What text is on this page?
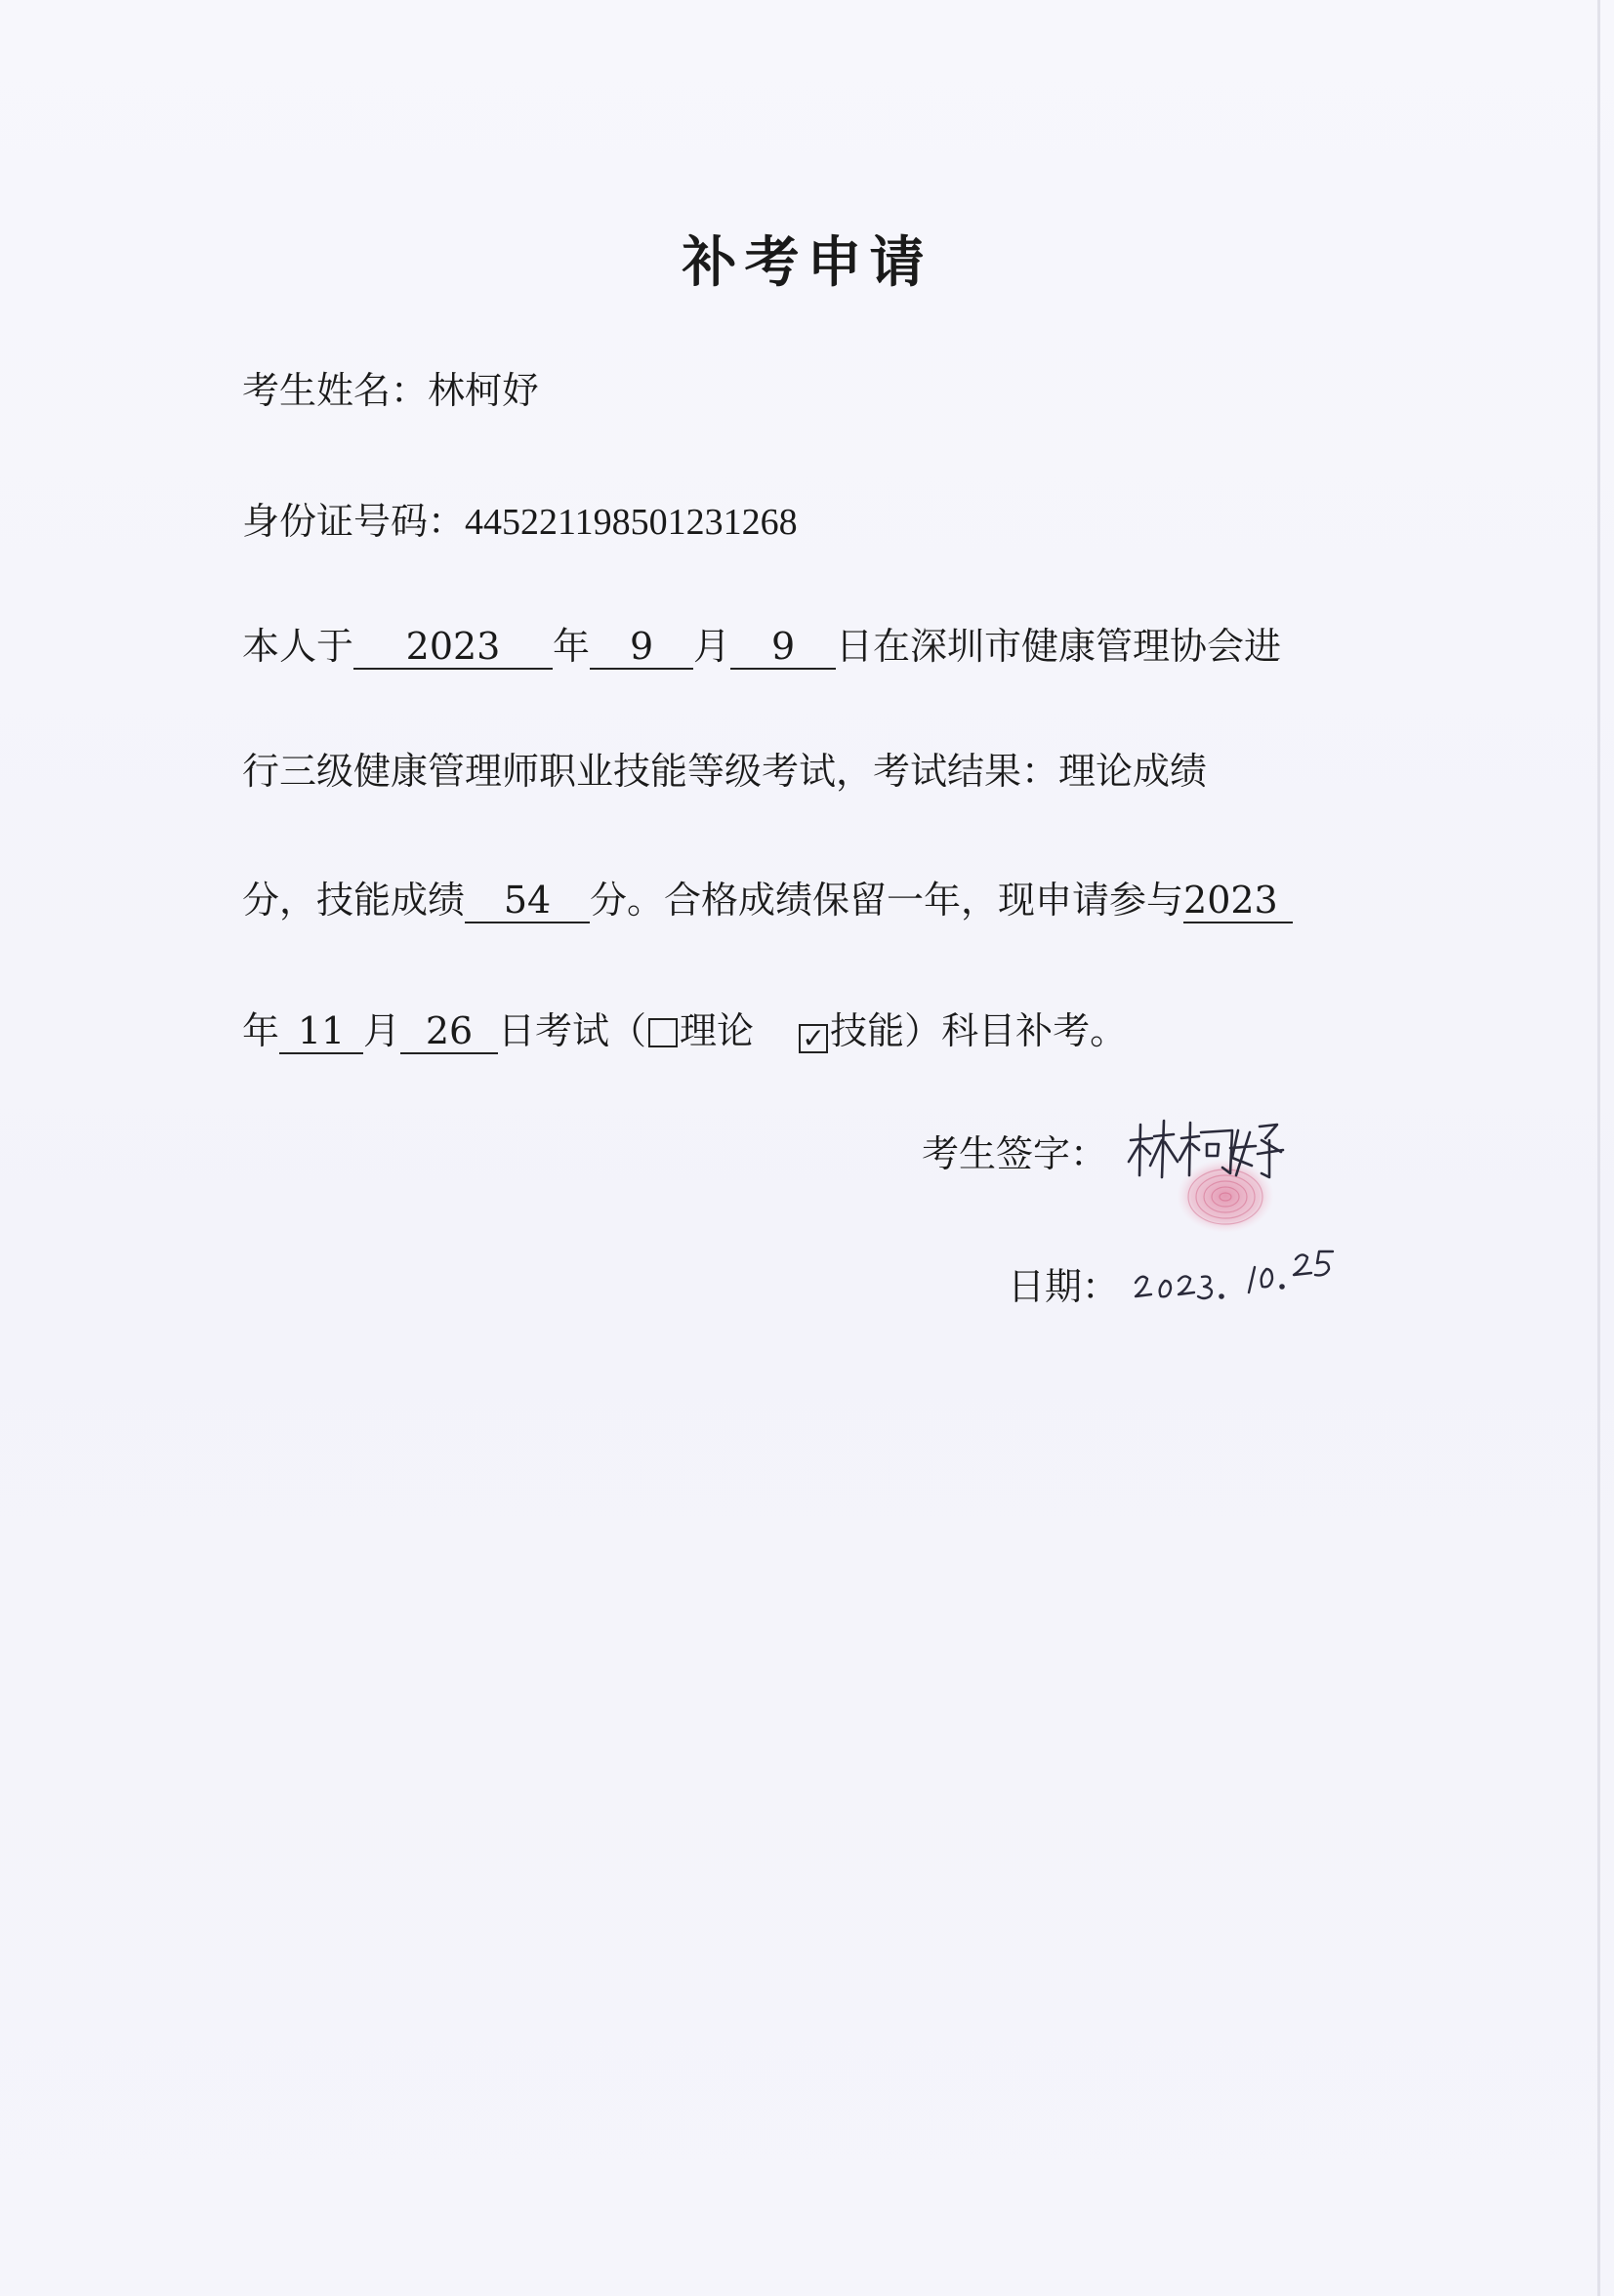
补考申请
考生姓名：林柯妤
身份证号码：445221198501231268
本人于 2023 年 9 月 9 日在深圳市健康管理协会进
行三级健康管理师职业技能等级考试，考试结果：理论成绩
分，技能成绩 54 分。合格成绩保留一年，现申请参与2023
年 11 月 26 日考试（ 理论 ✓ 技能）科目补考。
考生签字：
日期：
